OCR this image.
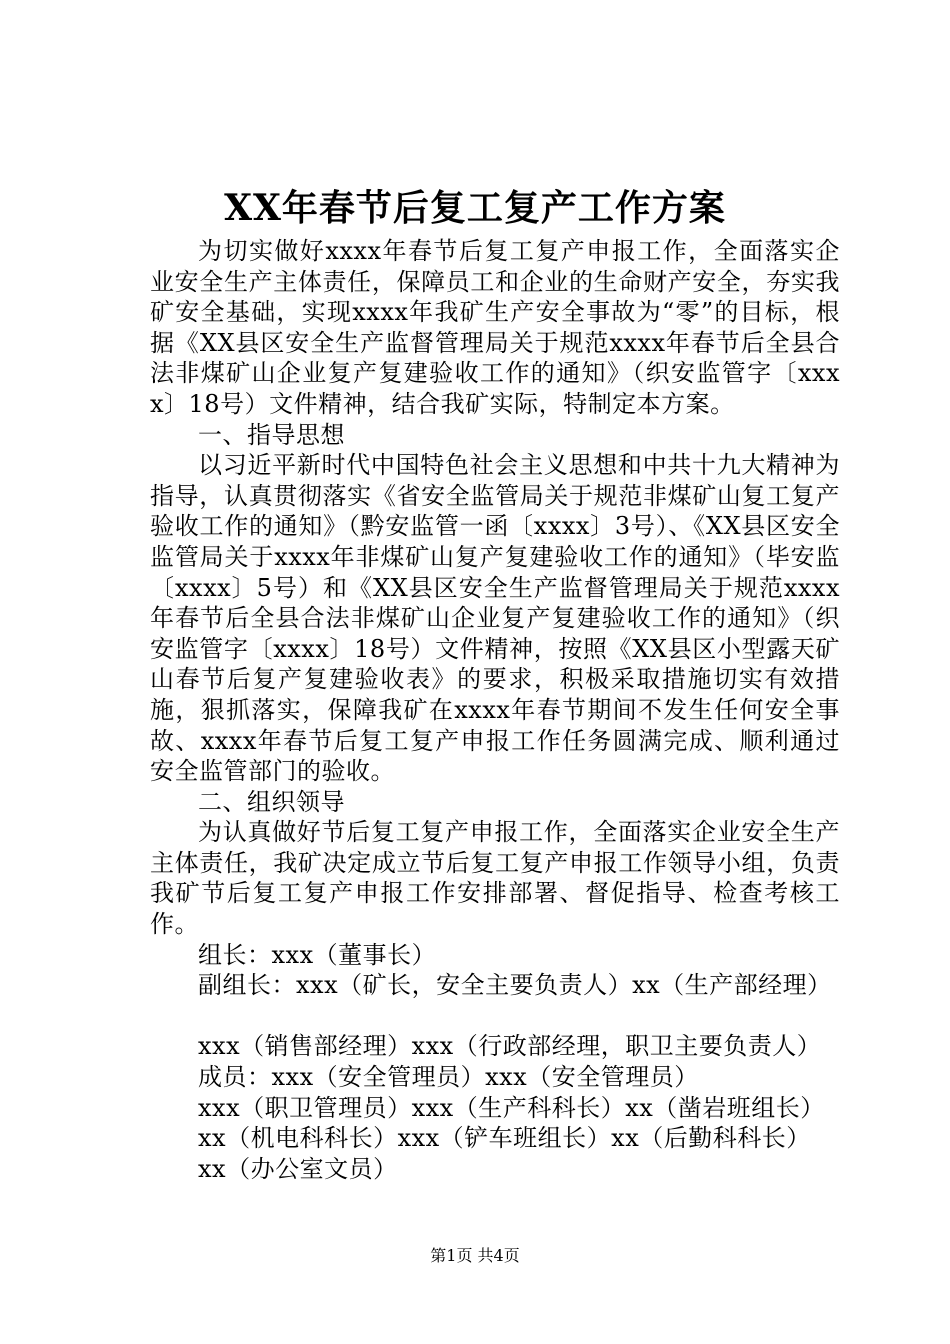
XX年春节后复工复产工作方案

为切实做好xxxx年春节后复工复产申报工作，全面落实企业安全生产主体责任，保障员工和企业的生命财产安全，夯实我矿安全基础，实现xxxx年我矿生产安全事故为“零”的目标，根据《XX县区安全生产监督管理局关于规范xxxx年春节后全县合法非煤矿山企业复产复建验收工作的通知》（织安监管字〔xxxx〕18号）文件精神，结合我矿实际，特制定本方案。

一、指导思想

以习近平新时代中国特色社会主义思想和中共十九大精神为指导，认真贯彻落实《省安全监管局关于规范非煤矿山复工复产验收工作的通知》（黔安监管一函〔xxxx〕3号）、《XX县区安全监管局关于xxxx年非煤矿山复产复建验收工作的通知》（毕安监〔xxxx〕5号）和《XX县区安全生产监督管理局关于规范xxxx年春节后全县合法非煤矿山企业复产复建验收工作的通知》（织安监管字〔xxxx〕18号）文件精神，按照《XX县区小型露天矿山春节后复产复建验收表》的要求，积极采取措施切实有效措施，狠抓落实，保障我矿在xxxx年春节期间不发生任何安全事故、xxxx年春节后复工复产申报工作任务圆满完成、顺利通过安全监管部门的验收。

二、组织领导

为认真做好节后复工复产申报工作，全面落实企业安全生产主体责任，我矿决定成立节后复工复产申报工作领导小组，负责我矿节后复工复产申报工作安排部署、督促指导、检查考核工作。

组长：xxx（董事长）

副组长：xxx（矿长，安全主要负责人）xx（生产部经理）

xxx（销售部经理）xxx（行政部经理，职卫主要负责人）

成员：xxx（安全管理员）xxx（安全管理员）

xxx（职卫管理员）xxx（生产科科长）xx（凿岩班组长）

xx（机电科科长）xxx（铲车班组长）xx（后勤科科长）

xx（办公室文员）

第1页 共4页
